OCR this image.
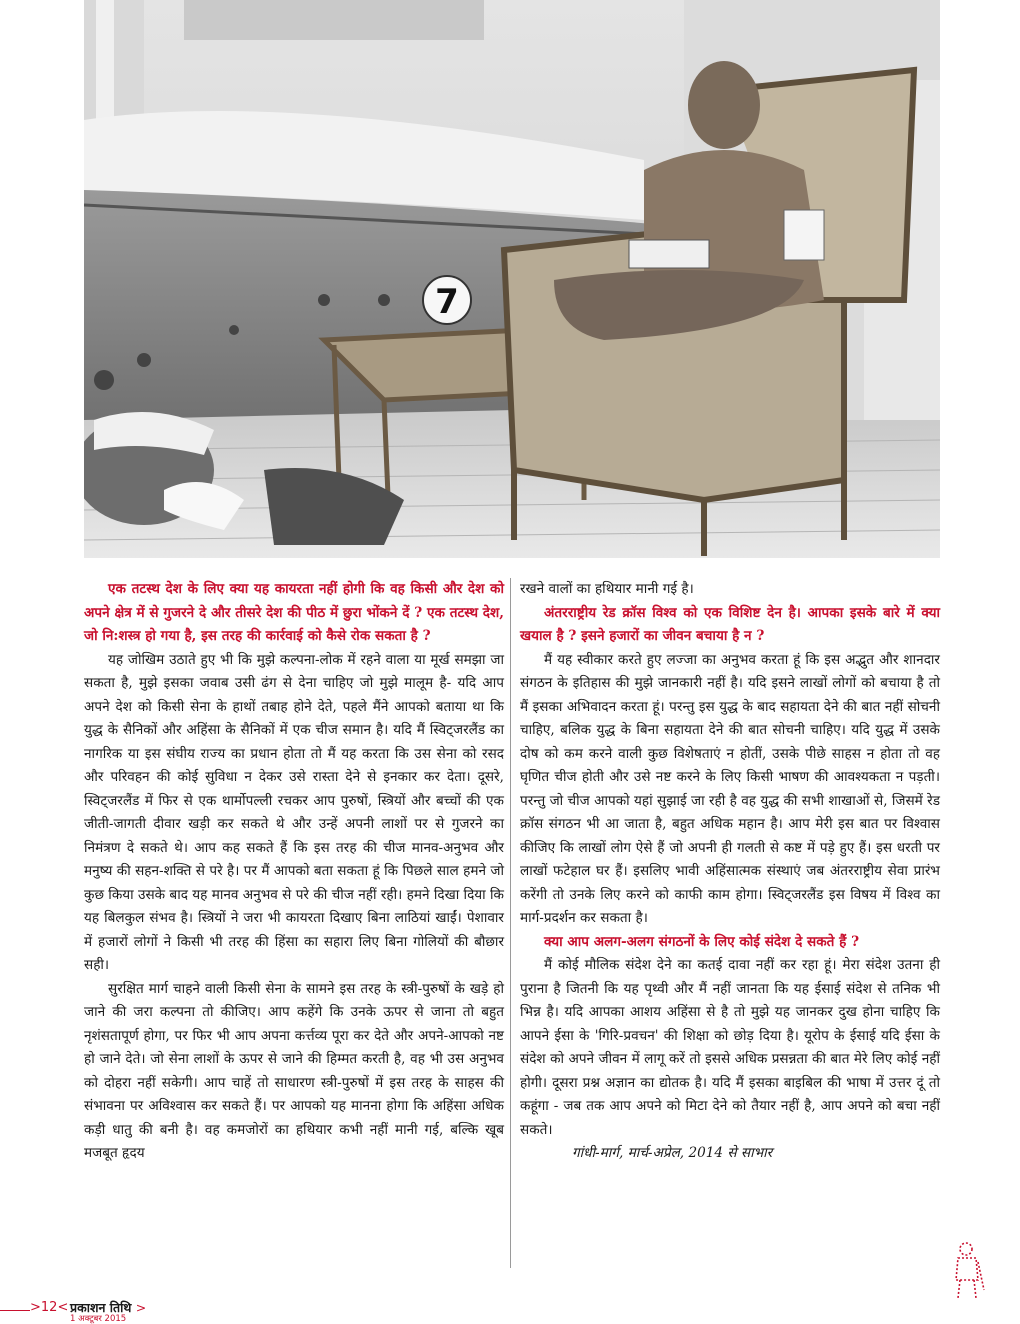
7

एक तटस्थ देश के लिए क्या यह कायरता नहीं होगी कि वह किसी और देश को अपने क्षेत्र में से गुजरने दे और तीसरे देश की पीठ में छुरा भोंकने दें ? एक तटस्थ देश, जो नि:शस्त्र हो गया है, इस तरह की कार्रवाई को कैसे रोक सकता है ?

यह जोखिम उठाते हुए भी कि मुझे कल्पना-लोक में रहने वाला या मूर्ख समझा जा सकता है, मुझे इसका जवाब उसी ढंग से देना चाहिए जो मुझे मालूम है- यदि आप अपने देश को किसी सेना के हाथों तबाह होने देते, पहले मैंने आपको बताया था कि युद्ध के सैनिकों और अहिंसा के सैनिकों में एक चीज समान है। यदि मैं स्विट्जरलैंड का नागरिक या इस संघीय राज्य का प्रधान होता तो मैं यह करता कि उस सेना को रसद और परिवहन की कोई सुविधा न देकर उसे रास्ता देने से इनकार कर देता। दूसरे, स्विट्जरलैंड में फिर से एक थार्मोपल्ली रचकर आप पुरुषों, स्त्रियों और बच्चों की एक जीती-जागती दीवार खड़ी कर सकते थे और उन्हें अपनी लाशों पर से गुजरने का निमंत्रण दे सकते थे। आप कह सकते हैं कि इस तरह की चीज मानव-अनुभव और मनुष्य की सहन-शक्ति से परे है। पर मैं आपको बता सकता हूं कि पिछले साल हमने जो कुछ किया उसके बाद यह मानव अनुभव से परे की चीज नहीं रही। हमने दिखा दिया कि यह बिलकुल संभव है। स्त्रियों ने जरा भी कायरता दिखाए बिना लाठियां खाईं। पेशावार में हजारों लोगों ने किसी भी तरह की हिंसा का सहारा लिए बिना गोलियों की बौछार सही।

सुरक्षित मार्ग चाहने वाली किसी सेना के सामने इस तरह के स्त्री-पुरुषों के खड़े हो जाने की जरा कल्पना तो कीजिए। आप कहेंगे कि उनके ऊपर से जाना तो बहुत नृशंसतापूर्ण होगा, पर फिर भी आप अपना कर्त्तव्य पूरा कर देते और अपने-आपको नष्ट हो जाने देते। जो सेना लाशों के ऊपर से जाने की हिम्मत करती है, वह भी उस अनुभव को दोहरा नहीं सकेगी। आप चाहें तो साधारण स्त्री-पुरुषों में इस तरह के साहस की संभावना पर अविश्वास कर सकते हैं। पर आपको यह मानना होगा कि अहिंसा अधिक कड़ी धातु की बनी है। वह कमजोरों का हथियार कभी नहीं मानी गई, बल्कि खूब मजबूत हृदय

रखने वालों का हथियार मानी गई है।

अंतरराष्ट्रीय रेड क्रॉस विश्व को एक विशिष्ट देन है। आपका इसके बारे में क्या खयाल है ? इसने हजारों का जीवन बचाया है न ?

मैं यह स्वीकार करते हुए लज्जा का अनुभव करता हूं कि इस अद्भुत और शानदार संगठन के इतिहास की मुझे जानकारी नहीं है। यदि इसने लाखों लोगों को बचाया है तो मैं इसका अभिवादन करता हूं। परन्तु इस युद्ध के बाद सहायता देने की बात नहीं सोचनी चाहिए, बलिक युद्ध के बिना सहायता देने की बात सोचनी चाहिए। यदि युद्ध में उसके दोष को कम करने वाली कुछ विशेषताएं न होतीं, उसके पीछे साहस न होता तो वह घृणित चीज होती और उसे नष्ट करने के लिए किसी भाषण की आवश्यकता न पड़ती। परन्तु जो चीज आपको यहां सुझाई जा रही है वह युद्ध की सभी शाखाओं से, जिसमें रेड क्रॉस संगठन भी आ जाता है, बहुत अधिक महान है। आप मेरी इस बात पर विश्वास कीजिए कि लाखों लोग ऐसे हैं जो अपनी ही गलती से कष्ट में पड़े हुए हैं। इस धरती पर लाखों फटेहाल घर हैं। इसलिए भावी अहिंसात्मक संस्थाएं जब अंतरराष्ट्रीय सेवा प्रारंभ करेंगी तो उनके लिए करने को काफी काम होगा। स्विट्जरलैंड इस विषय में विश्व का मार्ग-प्रदर्शन कर सकता है।

क्या आप अलग-अलग संगठनों के लिए कोई संदेश दे सकते हैं ?

मैं कोई मौलिक संदेश देने का कतई दावा नहीं कर रहा हूं। मेरा संदेश उतना ही पुराना है जितनी कि यह पृथ्वी और मैं नहीं जानता कि यह ईसाई संदेश से तनिक भी भिन्न है। यदि आपका आशय अहिंसा से है तो मुझे यह जानकर दुख होना चाहिए कि आपने ईसा के 'गिरि-प्रवचन' की शिक्षा को छोड़ दिया है। यूरोप के ईसाई यदि ईसा के संदेश को अपने जीवन में लागू करें तो इससे अधिक प्रसन्नता की बात मेरे लिए कोई नहीं होगी। दूसरा प्रश्न अज्ञान का द्योतक है। यदि मैं इसका बाइबिल की भाषा में उत्तर दूं तो कहूंगा - जब तक आप अपने को मिटा देने को तैयार नहीं है, आप अपने को बचा नहीं सकते।

गांधी-मार्ग, मार्च-अप्रेल, 2014 से साभार

>12< प्रकाशन तिथि >
1 अक्टूबर 2015
